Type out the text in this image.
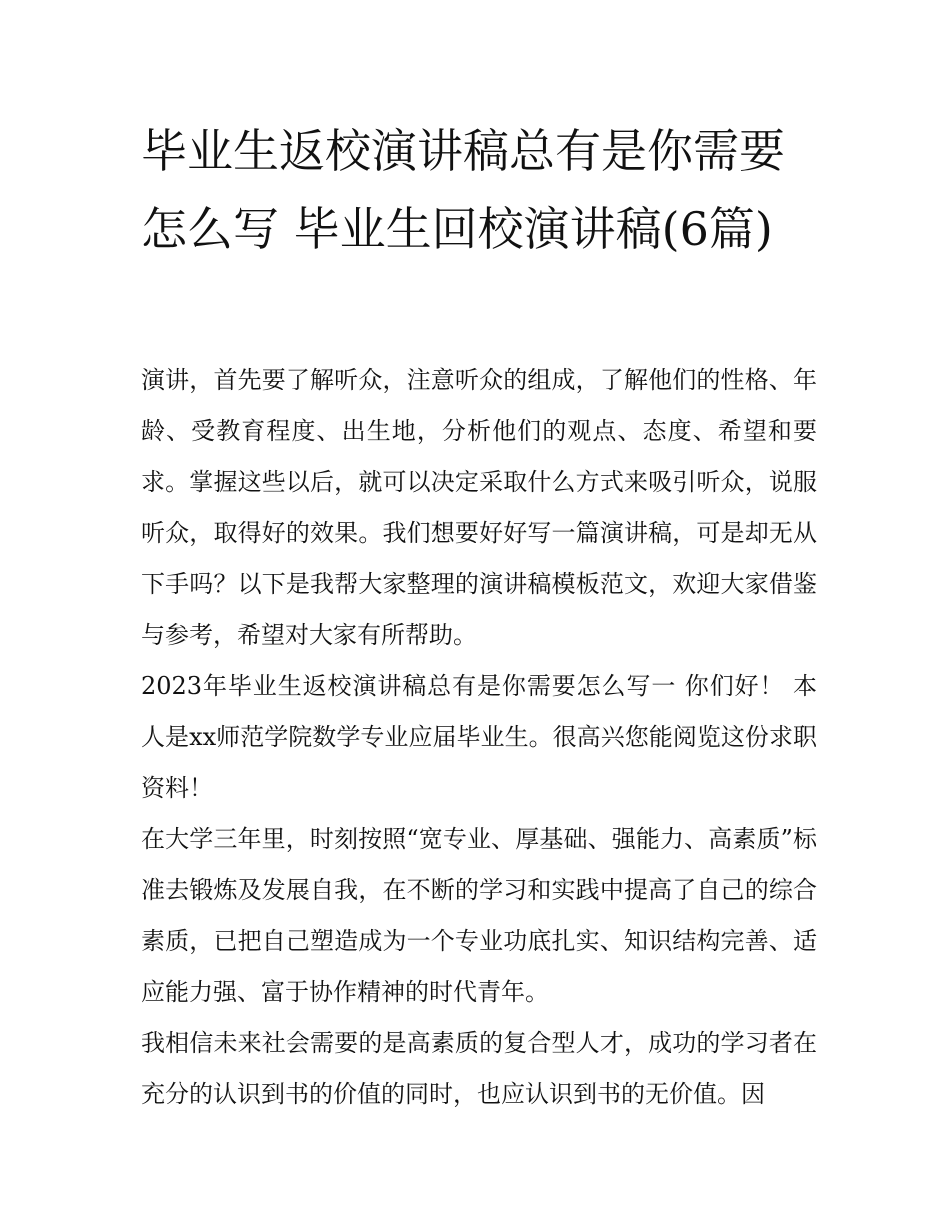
毕业生返校演讲稿总有是你需要怎么写 毕业生回校演讲稿(6篇)

演讲，首先要了解听众，注意听众的组成，了解他们的性格、年龄、受教育程度、出生地，分析他们的观点、态度、希望和要求。掌握这些以后，就可以决定采取什么方式来吸引听众，说服听众，取得好的效果。我们想要好好写一篇演讲稿，可是却无从下手吗？以下是我帮大家整理的演讲稿模板范文，欢迎大家借鉴与参考，希望对大家有所帮助。

2023年毕业生返校演讲稿总有是你需要怎么写一 你们好！ 本人是xx师范学院数学专业应届毕业生。很高兴您能阅览这份求职资料！

在大学三年里，时刻按照“宽专业、厚基础、强能力、高素质”标准去锻炼及发展自我，在不断的学习和实践中提高了自己的综合素质，已把自己塑造成为一个专业功底扎实、知识结构完善、适应能力强、富于协作精神的时代青年。

我相信未来社会需要的是高素质的复合型人才，成功的学习者在充分的认识到书的价值的同时，也应认识到书的无价值。因
